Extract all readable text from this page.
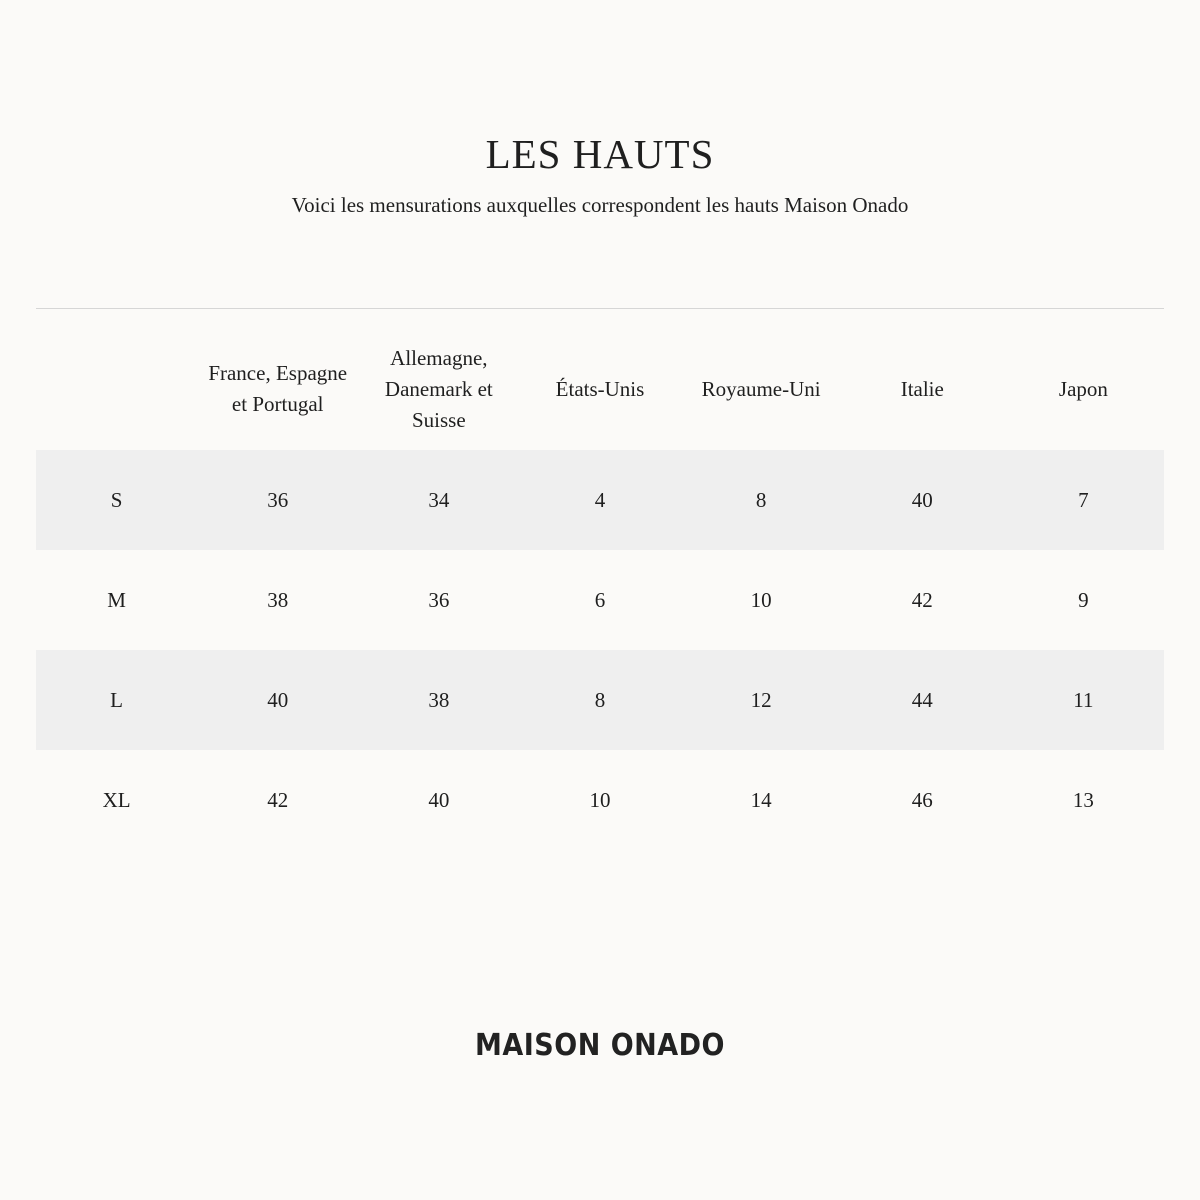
LES HAUTS
Voici les mensurations auxquelles correspondent les hauts Maison Onado
	France, Espagne et Portugal	Allemagne, Danemark et Suisse	États-Unis	Royaume-Uni	Italie	Japon
S	36	34	4	8	40	7
M	38	36	6	10	42	9
L	40	38	8	12	44	11
XL	42	40	10	14	46	13
MAISON ONADO
